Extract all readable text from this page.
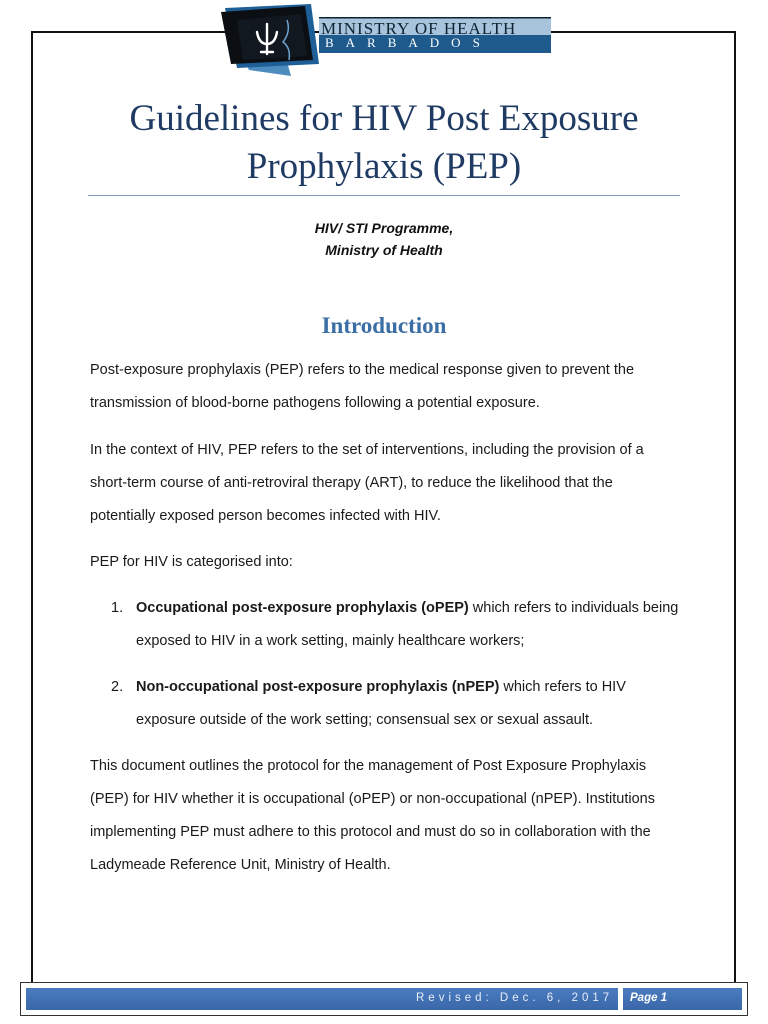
MINISTRY OF HEALTH
BARBADOS
Guidelines for HIV Post Exposure
Prophylaxis (PEP)
HIV/ STI Programme,
Ministry of Health
Introduction
Post-exposure prophylaxis (PEP) refers to the medical response given to prevent the transmission of blood-borne pathogens following a potential exposure.
In the context of HIV, PEP refers to the set of interventions, including the provision of a short-term course of anti-retroviral therapy (ART), to reduce the likelihood that the potentially exposed person becomes infected with HIV.
PEP for HIV is categorised into:
1. Occupational post-exposure prophylaxis (oPEP) which refers to individuals being exposed to HIV in a work setting, mainly healthcare workers;
2. Non-occupational post-exposure prophylaxis (nPEP) which refers to HIV exposure outside of the work setting; consensual sex or sexual assault.
This document outlines the protocol for the management of Post Exposure Prophylaxis (PEP) for HIV whether it is occupational (oPEP) or non-occupational (nPEP). Institutions implementing PEP must adhere to this protocol and must do so in collaboration with the Ladymeade Reference Unit, Ministry of Health.
Revised: Dec. 6, 2017 Page 1
